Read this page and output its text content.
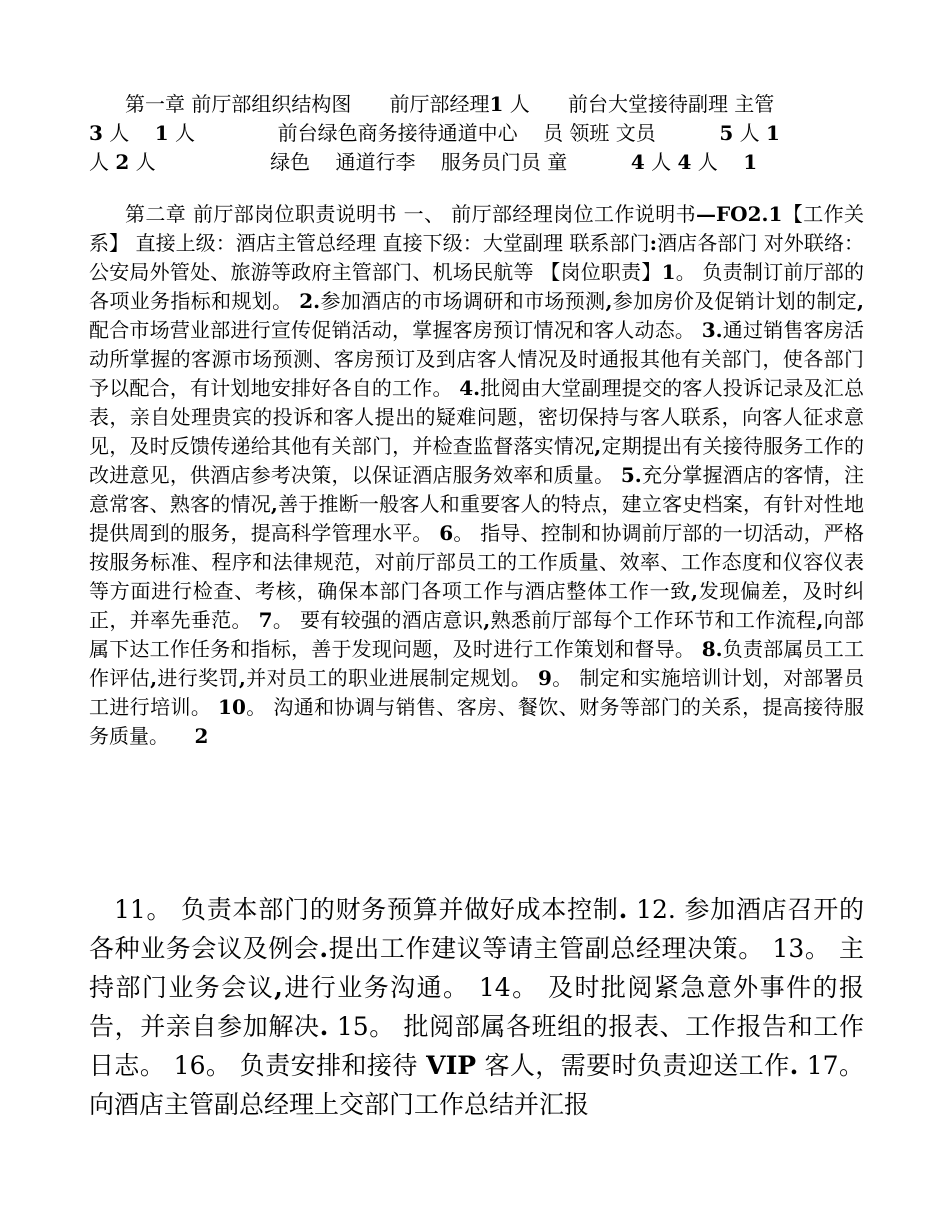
第一章 前厅部组织结构图      前厅部经理1 人      前台大堂接待副理 主管
3 人    1 人             前台绿色商务接待通道中心    员 领班 文员          5 人 1
人 2 人                  绿色    通道行李    服务员门员 童          4 人 4 人    1

第二章 前厅部岗位职责说明书 一、 前厅部经理岗位工作说明书—FO2.1【工作关系】 直接上级：酒店主管总经理 直接下级：大堂副理 联系部门:酒店各部门 对外联络：公安局外管处、旅游等政府主管部门、机场民航等 【岗位职责】1。 负责制订前厅部的各项业务指标和规划。 2.参加酒店的市场调研和市场预测,参加房价及促销计划的制定,配合市场营业部进行宣传促销活动，掌握客房预订情况和客人动态。 3.通过销售客房活动所掌握的客源市场预测、客房预订及到店客人情况及时通报其他有关部门，使各部门予以配合，有计划地安排好各自的工作。 4.批阅由大堂副理提交的客人投诉记录及汇总表，亲自处理贵宾的投诉和客人提出的疑难问题，密切保持与客人联系，向客人征求意见，及时反馈传递给其他有关部门，并检查监督落实情况,定期提出有关接待服务工作的改进意见，供酒店参考决策，以保证酒店服务效率和质量。 5.充分掌握酒店的客情，注意常客、熟客的情况,善于推断一般客人和重要客人的特点，建立客史档案，有针对性地提供周到的服务，提高科学管理水平。 6。 指导、控制和协调前厅部的一切活动，严格按服务标准、程序和法律规范，对前厅部员工的工作质量、效率、工作态度和仪容仪表等方面进行检查、考核，确保本部门各项工作与酒店整体工作一致,发现偏差，及时纠正，并率先垂范。 7。 要有较强的酒店意识,熟悉前厅部每个工作环节和工作流程,向部属下达工作任务和指标，善于发现问题，及时进行工作策划和督导。 8.负责部属员工工作评估,进行奖罚,并对员工的职业进展制定规划。 9。 制定和实施培训计划，对部署员工进行培训。 10。 沟通和协调与销售、客房、餐饮、财务等部门的关系，提高接待服务质量。    2

11。 负责本部门的财务预算并做好成本控制. 12. 参加酒店召开的各种业务会议及例会.提出工作建议等请主管副总经理决策。 13。 主持部门业务会议,进行业务沟通。 14。 及时批阅紧急意外事件的报告，并亲自参加解决. 15。 批阅部属各班组的报表、工作报告和工作日志。 16。 负责安排和接待 VIP 客人，需要时负责迎送工作. 17。 向酒店主管副总经理上交部门工作总结并汇报
